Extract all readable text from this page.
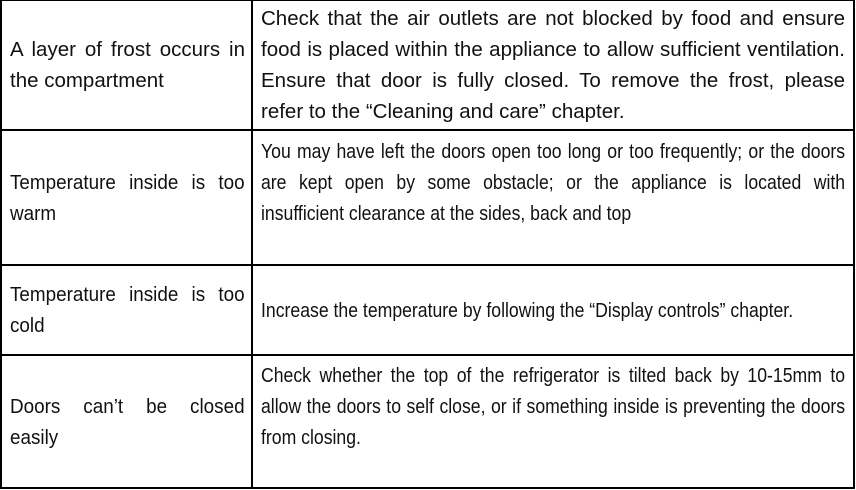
A layer of frost occurs in the compartment	Check that the air outlets are not blocked by food and ensure food is placed within the appliance to allow sufficient ventilation. Ensure that door is fully closed. To remove the frost, please refer to the “Cleaning and care” chapter.

Temperature inside is too warm	You may have left the doors open too long or too frequently; or the doors are kept open by some obstacle; or the appliance is located with insufficient clearance at the sides, back and top

Temperature inside is too cold	Increase the temperature by following the “Display controls” chapter.

Doors can’t be closed easily	Check whether the top of the refrigerator is tilted back by 10-15mm to allow the doors to self close, or if something inside is preventing the doors from closing.
